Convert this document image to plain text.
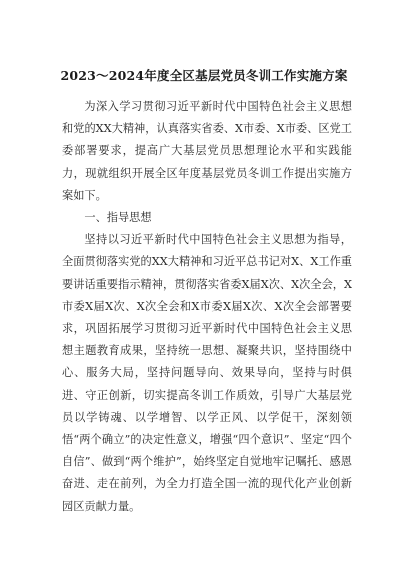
2023～2024年度全区基层党员冬训工作实施方案

为深入学习贯彻习近平新时代中国特色社会主义思想和党的XX大精神，认真落实省委、X市委、X市委、区党工委部署要求，提高广大基层党员思想理论水平和实践能力，现就组织开展全区年度基层党员冬训工作提出实施方案如下。

一、指导思想

坚持以习近平新时代中国特色社会主义思想为指导，全面贯彻落实党的XX大精神和习近平总书记对X、X工作重要讲话重要指示精神，贯彻落实省委X届X次、X次全会，X市委X届X次、X次全会和X市委X届X次、X次全会部署要求，巩固拓展学习贯彻习近平新时代中国特色社会主义思想主题教育成果，坚持统一思想、凝聚共识，坚持围绕中心、服务大局，坚持问题导向、效果导向，坚持与时俱进、守正创新，切实提高冬训工作质效，引导广大基层党员以学铸魂、以学增智、以学正风、以学促干，深刻领悟“两个确立”的决定性意义，增强“四个意识”、坚定“四个自信”、做到“两个维护”，始终坚定自觉地牢记嘱托、感恩奋进、走在前列，为全力打造全国一流的现代化产业创新园区贡献力量。
